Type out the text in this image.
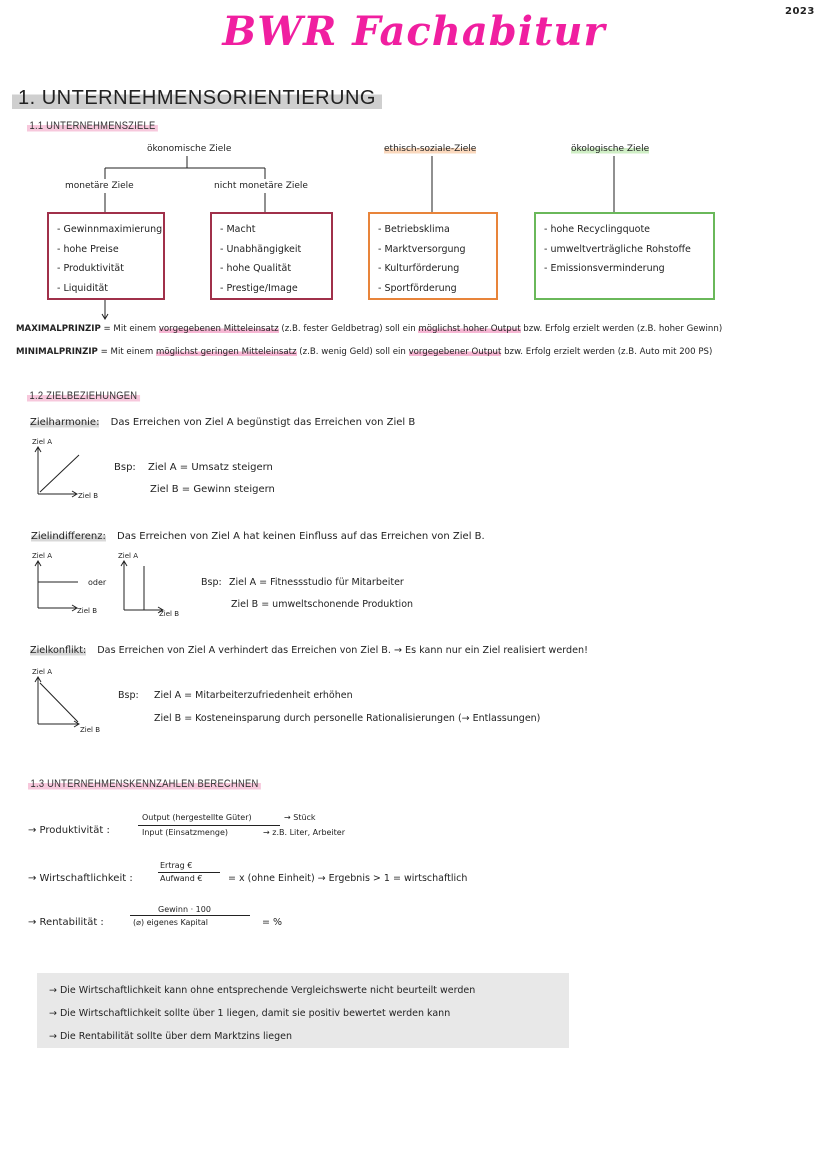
2023
BWR Fachabitur
1. UNTERNEHMENSORIENTIERUNG
1.1 UNTERNEHMENSZIELE
ökonomische Ziele
monetäre Ziele	nicht monetäre Ziele
ethisch-soziale-Ziele	ökologische Ziele
- Gewinnmaximierung
- hohe Preise
- Produktivität
- Liquidität
- Macht
- Unabhängigkeit
- hohe Qualität
- Prestige/Image
- Betriebsklima
- Marktversorgung
- Kulturförderung
- Sportförderung
- hohe Recyclingquote
- umweltverträgliche Rohstoffe
- Emissionsverminderung
MAXIMALPRINZIP = Mit einem vorgegebenen Mitteleinsatz (z.B. fester Geldbetrag) soll ein möglichst hoher Output bzw. Erfolg erzielt werden (z.B. hoher Gewinn)
MINIMALPRINZIP = Mit einem möglichst geringen Mitteleinsatz (z.B. wenig Geld) soll ein vorgegebener Output bzw. Erfolg erzielt werden (z.B. Auto mit 200 PS)
1.2 ZIELBEZIEHUNGEN
Zielharmonie: Das Erreichen von Ziel A begünstigt das Erreichen von Ziel B
Ziel A
Ziel B
Bsp: Ziel A = Umsatz steigern
Ziel B = Gewinn steigern
Zielindifferenz: Das Erreichen von Ziel A hat keinen Einfluss auf das Erreichen von Ziel B.
Ziel A
Ziel B
oder
Ziel A
Ziel B
Bsp: Ziel A = Fitnessstudio für Mitarbeiter
Ziel B = umweltschonende Produktion
Zielkonflikt: Das Erreichen von Ziel A verhindert das Erreichen von Ziel B. → Es kann nur ein Ziel realisiert werden!
Ziel A
Ziel B
Bsp: Ziel A = Mitarbeiterzufriedenheit erhöhen
Ziel B = Kosteneinsparung durch personelle Rationalisierungen (→ Entlassungen)
1.3 UNTERNEHMENSKENNZAHLEN BERECHNEN
→ Produktivität :
Output (hergestellte Güter)	→ Stück
Input (Einsatzmenge)	→ z.B. Liter, Arbeiter
→ Wirtschaftlichkeit :
Ertrag €
Aufwand €	= x (ohne Einheit) → Ergebnis > 1 = wirtschaftlich
→ Rentabilität :
Gewinn · 100
(⌀) eigenes Kapital	= %
→ Die Wirtschaftlichkeit kann ohne entsprechende Vergleichswerte nicht beurteilt werden
→ Die Wirtschaftlichkeit sollte über 1 liegen, damit sie positiv bewertet werden kann
→ Die Rentabilität sollte über dem Marktzins liegen
